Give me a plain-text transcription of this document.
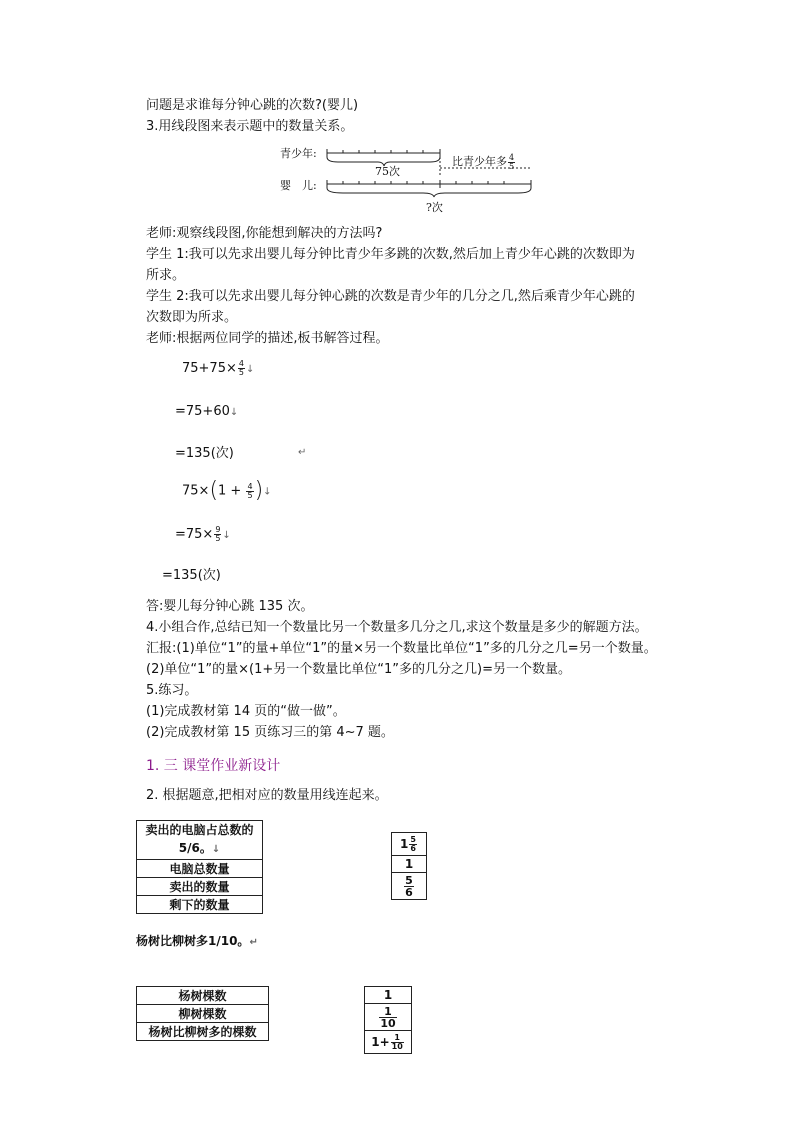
问题是求谁每分钟心跳的次数?(婴儿)
3.用线段图来表示题中的数量关系。
青少年:
婴　儿:
75次
比青少年多 $\frac{4}{5}$
?次
老师:观察线段图,你能想到解决的方法吗?
学生 1:我可以先求出婴儿每分钟比青少年多跳的次数,然后加上青少年心跳的次数即为
所求。
学生 2:我可以先求出婴儿每分钟心跳的次数是青少年的几分之几,然后乘青少年心跳的
次数即为所求。
老师:根据两位同学的描述,板书解答过程。
$75+75\times \frac{4}{5}$ ↓
=75+60↓
=135(次)	↵
$75\times(1 + \frac{4}{5}$ )↓
$=75\times \frac{9}{5}$ ↓
=135(次)
答:婴儿每分钟心跳 135 次。
4.小组合作,总结已知一个数量比另一个数量多几分之几,求这个数量是多少的解题方法。
汇报:(1)单位“1”的量+单位“1”的量×另一个数量比单位“1”多的几分之几=另一个数量。
(2)单位“1”的量×(1+另一个数量比单位“1”多的几分之几)=另一个数量。
5.练习。
(1)完成教材第 14 页的“做一做”。
(2)完成教材第 15 页练习三的第 4~7 题。
1. 三 课堂作业新设计
2. 根据题意,把相对应的数量用线连起来。
卖出的电脑占总数的
5/6。↓

电脑总数量
卖出的数量
剩下的数量
$1 \frac{5}{6}$

1

$\frac{5}{6}$
杨树比柳树多1/10。↵
杨树棵数
柳树棵数
杨树比柳树多的棵数
1

$\frac{1}{10}$

$1+ \frac{1}{10}$
